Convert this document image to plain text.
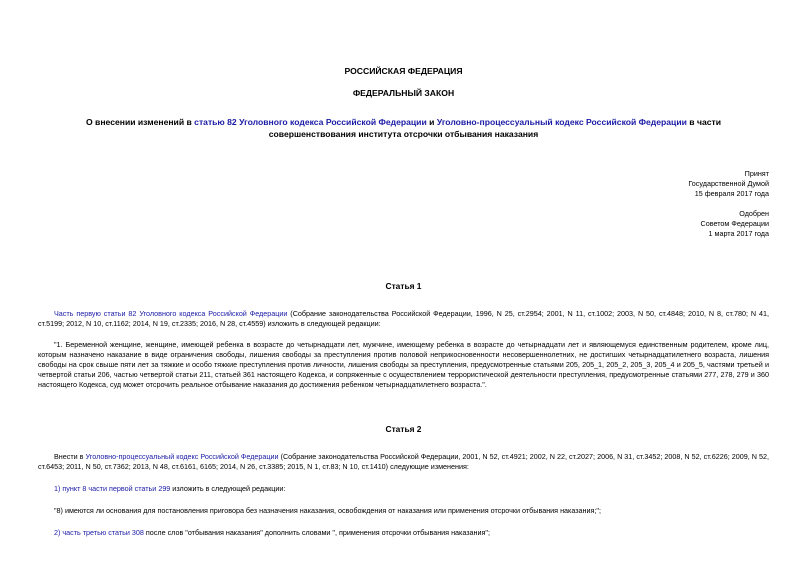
РОССИЙСКАЯ ФЕДЕРАЦИЯ
ФЕДЕРАЛЬНЫЙ ЗАКОН
О внесении изменений в статью 82 Уголовного кодекса Российской Федерации и Уголовно-процессуальный кодекс Российской Федерации в части совершенствования института отсрочки отбывания наказания
Принят
Государственной Думой
15 февраля 2017 года
Одобрен
Советом Федерации
1 марта 2017 года
Статья 1
Часть первую статьи 82 Уголовного кодекса Российской Федерации (Собрание законодательства Российской Федерации, 1996, N 25, ст.2954; 2001, N 11, ст.1002; 2003, N 50, ст.4848; 2010, N 8, ст.780; N 41, ст.5199; 2012, N 10, ст.1162; 2014, N 19, ст.2335; 2016, N 28, ст.4559) изложить в следующей редакции:
"1. Беременной женщине, женщине, имеющей ребенка в возрасте до четырнадцати лет, мужчине, имеющему ребенка в возрасте до четырнадцати лет и являющемуся единственным родителем, кроме лиц, которым назначено наказание в виде ограничения свободы, лишения свободы за преступления против половой неприкосновенности несовершеннолетних, не достигших четырнадцатилетнего возраста, лишения свободы на срок свыше пяти лет за тяжкие и особо тяжкие преступления против личности, лишения свободы за преступления, предусмотренные статьями 205, 205_1, 205_2, 205_3, 205_4 и 205_5, частями третьей и четвертой статьи 206, частью четвертой статьи 211, статьей 361 настоящего Кодекса, и сопряженные с осуществлением террористической деятельности преступления, предусмотренные статьями 277, 278, 279 и 360 настоящего Кодекса, суд может отсрочить реальное отбывание наказания до достижения ребенком четырнадцатилетнего возраста.".
Статья 2
Внести в Уголовно-процессуальный кодекс Российской Федерации (Собрание законодательства Российской Федерации, 2001, N 52, ст.4921; 2002, N 22, ст.2027; 2006, N 31, ст.3452; 2008, N 52, ст.6226; 2009, N 52, ст.6453; 2011, N 50, ст.7362; 2013, N 48, ст.6161, 6165; 2014, N 26, ст.3385; 2015, N 1, ст.83; N 10, ст.1410) следующие изменения:
1) пункт 8 части первой статьи 299 изложить в следующей редакции:
"8) имеются ли основания для постановления приговора без назначения наказания, освобождения от наказания или применения отсрочки отбывания наказания;";
2) часть третью статьи 308 после слов "отбывания наказания" дополнить словами ", применения отсрочки отбывания наказания";
